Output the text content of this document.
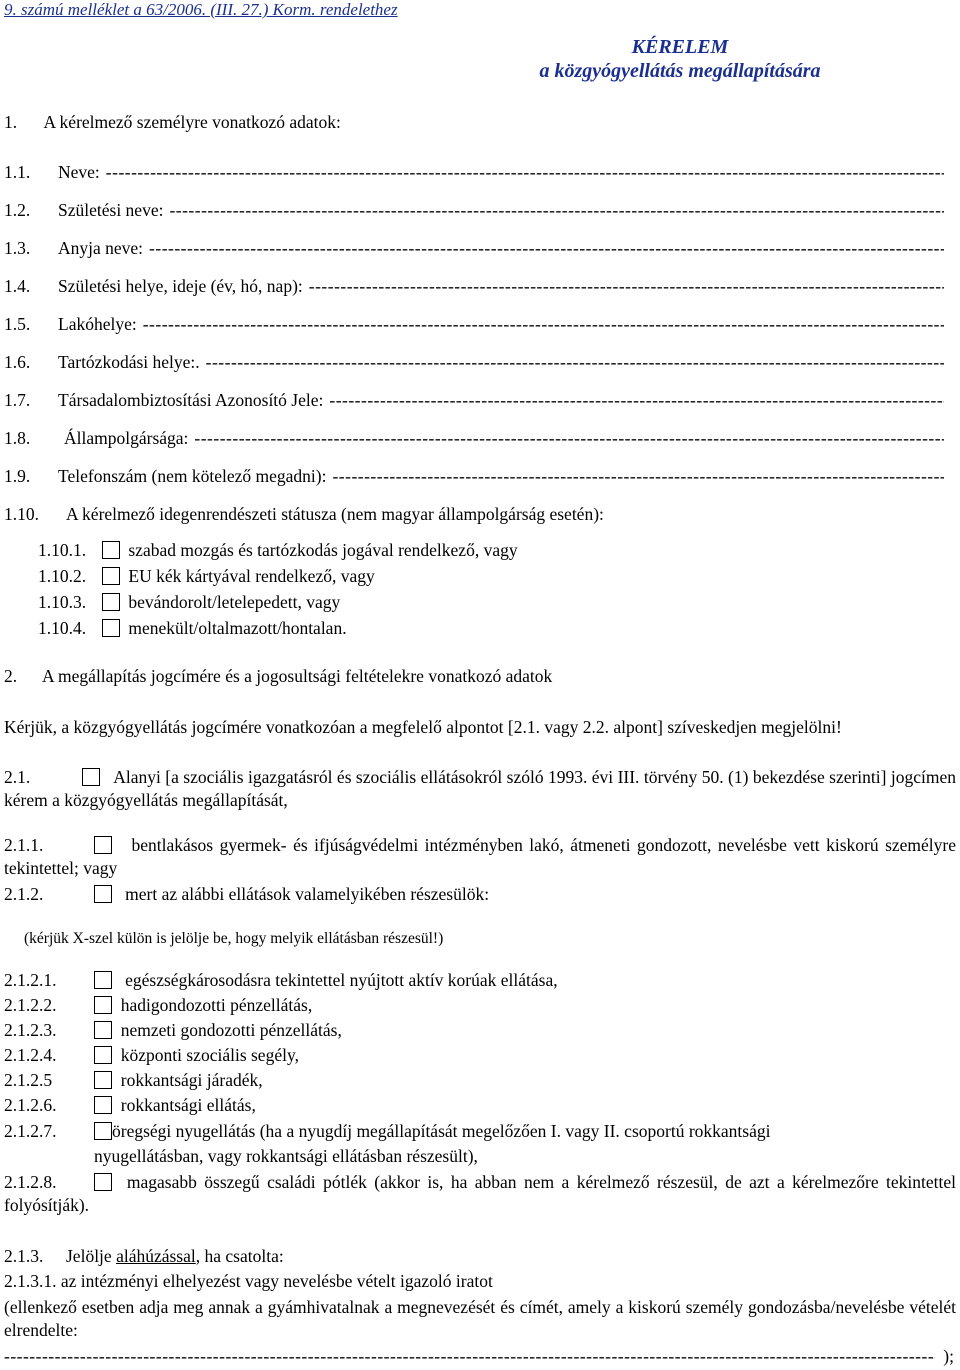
9. számú melléklet a 63/2006. (III. 27.) Korm. rendelethez
KÉRELEM
a közgyógyellátás megállapítására
1. A kérelmező személyre vonatkozó adatok:
1.1.	Neve:
-----
1.2.	Születési neve:
-----
1.3.	Anyja neve:
-----
1.4.	Születési helye, ideje (év, hó, nap):
-----
1.5.	Lakóhelye:
-----
1.6.	Tartózkodási helye:.
-----
1.7.	Társadalombiztosítási Azonosító Jele:
-----
1.8.	Állampolgársága:
-----
1.9.	Telefonszám (nem kötelező megadni):
-----
1.10. A kérelmező idegenrendészeti státusza (nem magyar állampolgárság esetén):
1.10.1. szabad mozgás és tartózkodás jogával rendelkező, vagy
1.10.2. EU kék kártyával rendelkező, vagy
1.10.3. bevándorolt/letelepedett, vagy
1.10.4. menekült/oltalmazott/hontalan.
2. A megállapítás jogcímére és a jogosultsági feltételekre vonatkozó adatok
Kérjük, a közgyógyellátás jogcímére vonatkozóan a megfelelő alpontot [2.1. vagy 2.2. alpont] szíveskedjen megjelölni!
2.1.	Alanyi [a szociális igazgatásról és szociális ellátásokról szóló 1993. évi III. törvény 50. (1) bekezdése szerinti] jogcímen kérem a közgyógyellátás megállapítását,
2.1.1.	bentlakásos gyermek- és ifjúságvédelmi intézményben lakó, átmeneti gondozott, nevelésbe vett kiskorú személyre tekintettel; vagy
2.1.2.	mert az alábbi ellátások valamelyikében részesülök:
(kérjük X-szel külön is jelölje be, hogy melyik ellátásban részesül!)
2.1.2.1.	egészségkárosodásra tekintettel nyújtott aktív korúak ellátása,
2.1.2.2.	hadigondozotti pénzellátás,
2.1.2.3.	nemzeti gondozotti pénzellátás,
2.1.2.4.	központi szociális segély,
2.1.2.5	rokkantsági járadék,
2.1.2.6.	rokkantsági ellátás,
2.1.2.7.	öregségi nyugellátás (ha a nyugdíj megállapítását megelőzően I. vagy II. csoportú rokkantsági
nyugellátásban, vagy rokkantsági ellátásban részesült),
2.1.2.8.	magasabb összegű családi pótlék (akkor is, ha abban nem a kérelmező részesül, de azt a kérelmezőre tekintettel folyósítják).
2.1.3. Jelölje aláhúzással, ha csatolta:
2.1.3.1. az intézményi elhelyezést vagy nevelésbe vételt igazoló iratot
(ellenkező esetben adja meg annak a gyámhivatalnak a megnevezését és címét, amely a kiskorú személy gondozásba/nevelésbe vételét elrendelte:
-----
);
